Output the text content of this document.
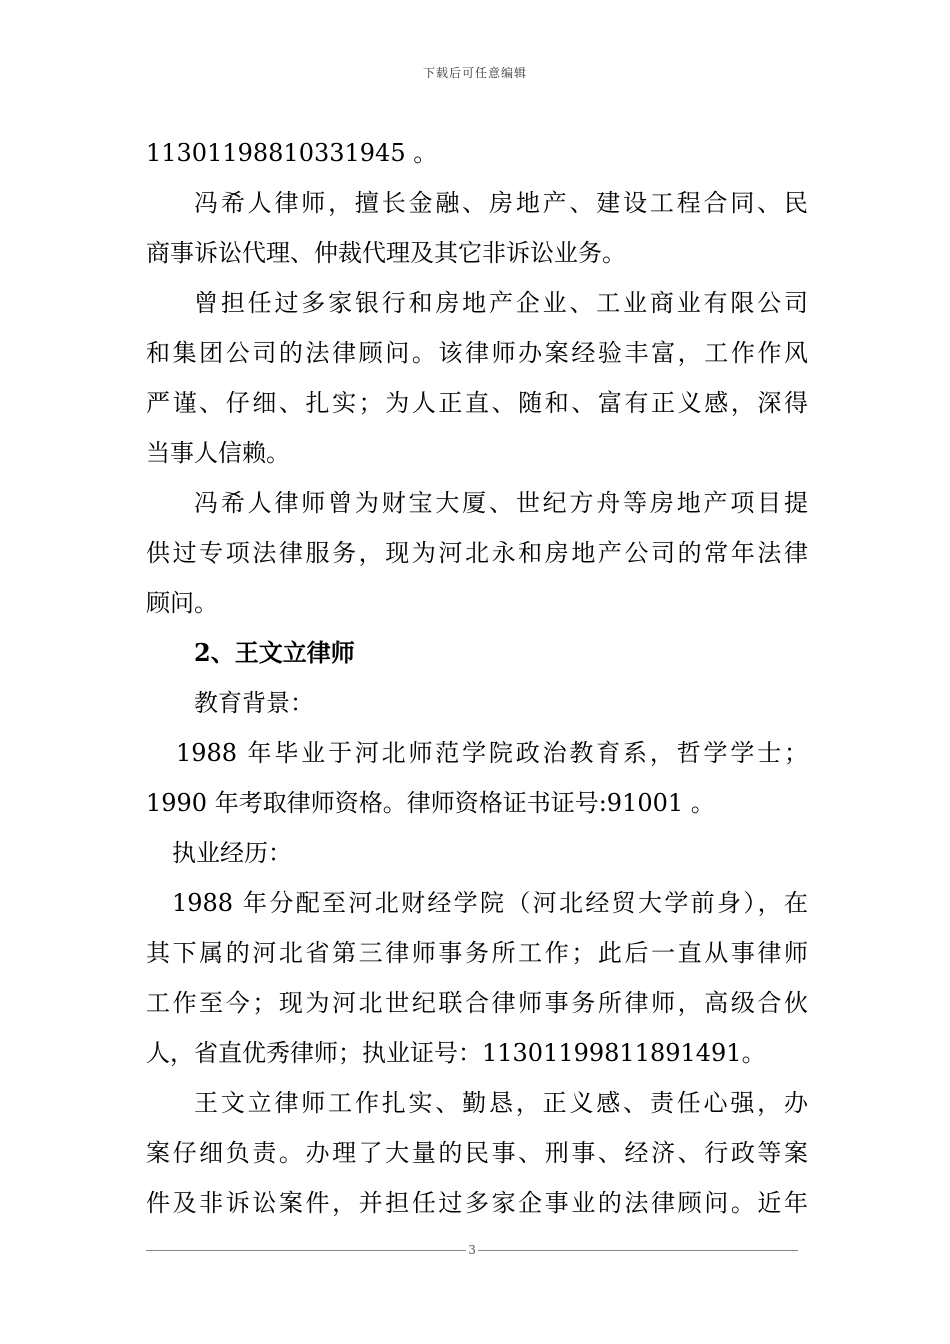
下载后可任意编辑
11301198810331945 。
冯希人律师，擅长金融、房地产、建设工程合同、民
商事诉讼代理、仲裁代理及其它非诉讼业务。
曾担任过多家银行和房地产企业、工业商业有限公司
和集团公司的法律顾问。该律师办案经验丰富，工作作风
严谨、仔细、扎实；为人正直、随和、富有正义感，深得
当事人信赖。
冯希人律师曾为财宝大厦、世纪方舟等房地产项目提
供过专项法律服务，现为河北永和房地产公司的常年法律
顾问。
2、王文立律师
教育背景：
1988 年毕业于河北师范学院政治教育系，哲学学士；
1990 年考取律师资格。律师资格证书证号:91001 。
执业经历：
1988 年分配至河北财经学院（河北经贸大学前身），在
其下属的河北省第三律师事务所工作；此后一直从事律师
工作至今；现为河北世纪联合律师事务所律师，高级合伙
人，省直优秀律师；执业证号：11301199811891491。
王文立律师工作扎实、勤恳，正义感、责任心强，办
案仔细负责。办理了大量的民事、刑事、经济、行政等案
件及非诉讼案件，并担任过多家企事业的法律顾问。近年
3
